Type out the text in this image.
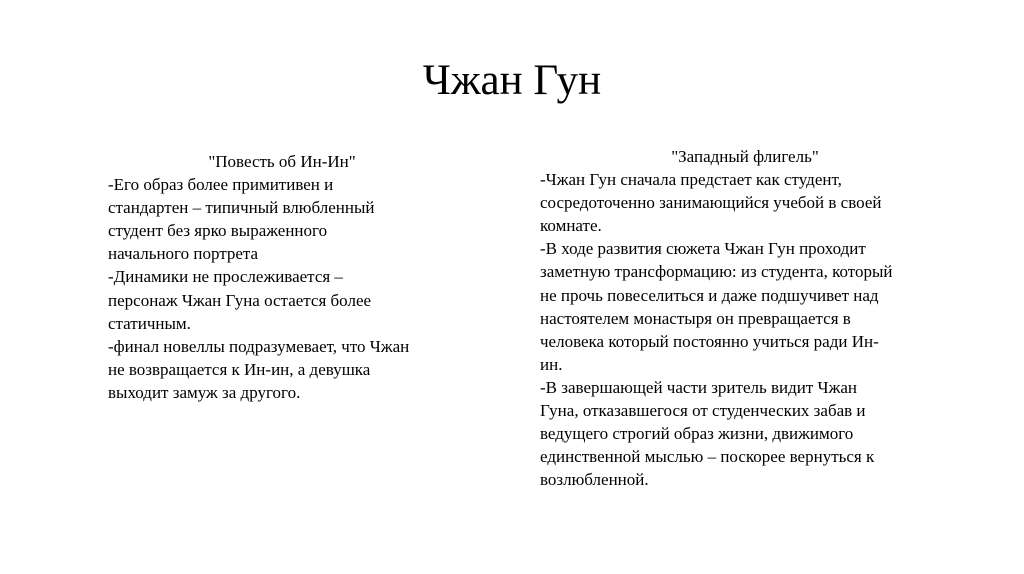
Чжан Гун
"Повесть об Ин-Ин"
-Его образ более примитивен и
стандартен – типичный влюбленный
студент без ярко выраженного
начального портрета
-Динамики не прослеживается –
персонаж Чжан Гуна остается более
статичным.
-финал новеллы подразумевает, что Чжан
не возвращается к Ин-ин, а девушка
выходит замуж за другого.
"Западный флигель"
-Чжан Гун сначала предстает как студент,
сосредоточенно занимающийся учебой в своей
комнате.
-В ходе развития сюжета Чжан Гун проходит
заметную трансформацию: из студента, который
не прочь повеселиться и даже подшучивет над
настоятелем монастыря он превращается в
человека который постоянно учиться ради Ин-
ин.
-В завершающей части зритель видит Чжан
Гуна, отказавшегося от студенческих забав и
ведущего строгий образ жизни, движимого
единственной мыслью – поскорее вернуться к
возлюбленной.
